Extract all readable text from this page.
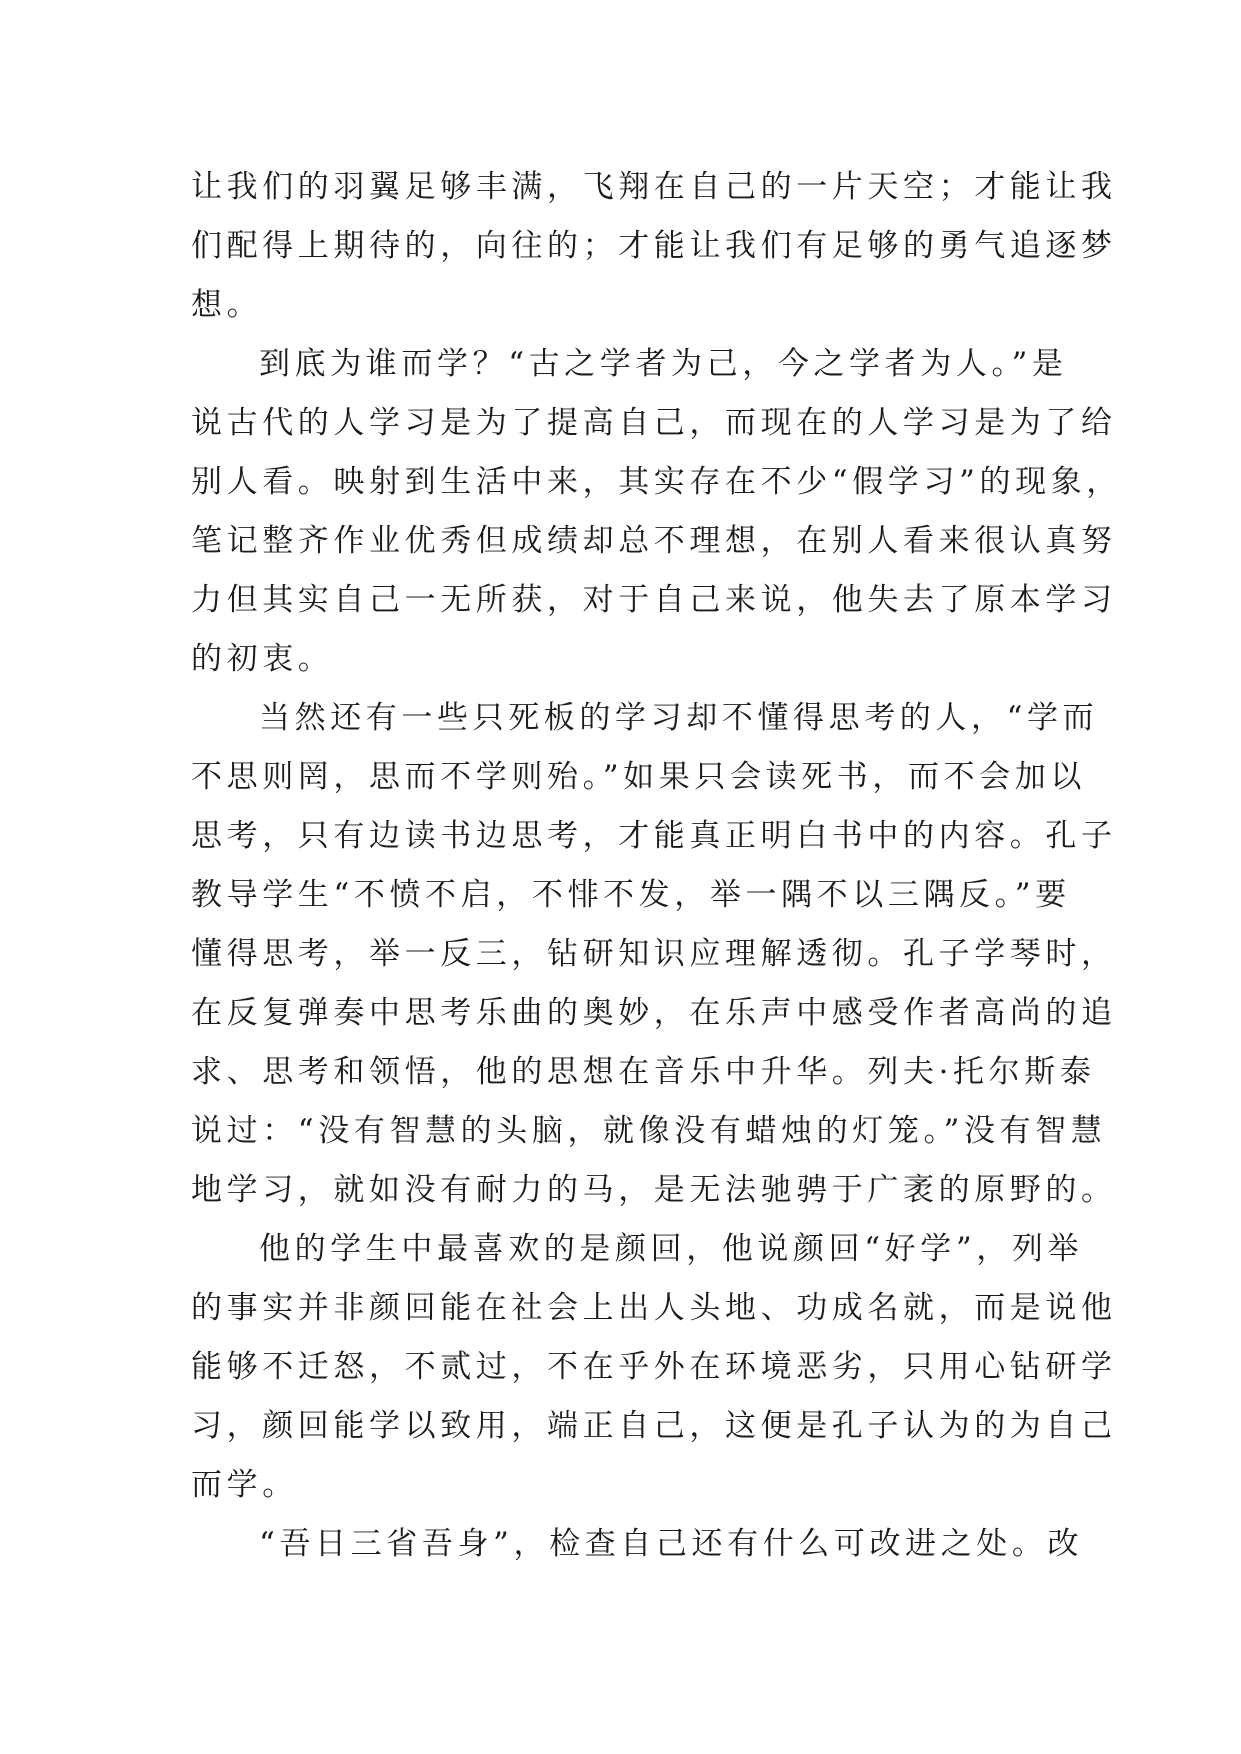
让我们的羽翼足够丰满，飞翔在自己的一片天空；才能让我
们配得上期待的，向往的；才能让我们有足够的勇气追逐梦
想。
到底为谁而学？“古之学者为己，今之学者为人。”是
说古代的人学习是为了提高自己，而现在的人学习是为了给
别人看。映射到生活中来，其实存在不少“假学习”的现象，
笔记整齐作业优秀但成绩却总不理想，在别人看来很认真努
力但其实自己一无所获，对于自己来说，他失去了原本学习
的初衷。
当然还有一些只死板的学习却不懂得思考的人，“学而
不思则罔，思而不学则殆。”如果只会读死书，而不会加以
思考，只有边读书边思考，才能真正明白书中的内容。孔子
教导学生“不愤不启，不悱不发，举一隅不以三隅反。”要
懂得思考，举一反三，钻研知识应理解透彻。孔子学琴时，
在反复弹奏中思考乐曲的奥妙，在乐声中感受作者高尚的追
求、思考和领悟，他的思想在音乐中升华。列夫·托尔斯泰
说过：“没有智慧的头脑，就像没有蜡烛的灯笼。”没有智慧
地学习，就如没有耐力的马，是无法驰骋于广袤的原野的。
他的学生中最喜欢的是颜回，他说颜回“好学”，列举
的事实并非颜回能在社会上出人头地、功成名就，而是说他
能够不迁怒，不贰过，不在乎外在环境恶劣，只用心钻研学
习，颜回能学以致用，端正自己，这便是孔子认为的为自己
而学。
“吾日三省吾身”，检查自己还有什么可改进之处。改
